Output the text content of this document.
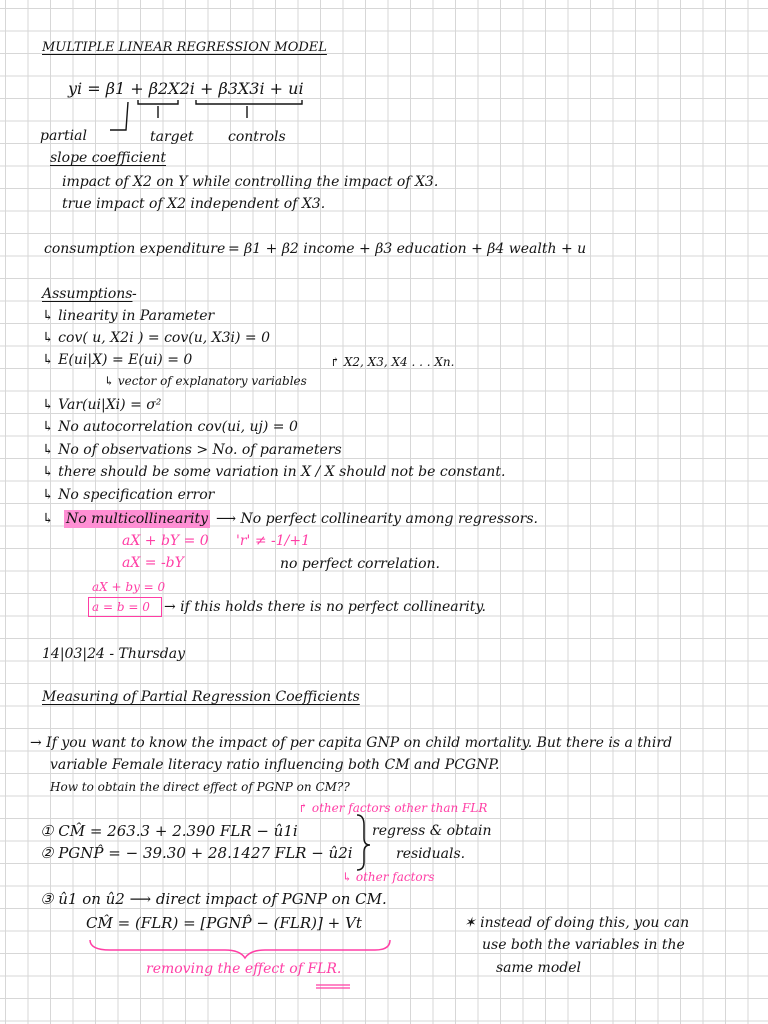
MULTIPLE LINEAR REGRESSION MODEL
yi = β1 + β2X2i + β3X3i + ui
target controls
partial
slope coefficient
impact of X2 on Y while controlling the impact of X3.
true impact of X2 independent of X3.
consumption expenditure = β1 + β2 income + β3 education + β4 wealth + u
Assumptions -
↳ linearity in Parameter
↳ cov( u, X2i ) = cov(u, X3i) = 0
↳ E(ui|X) = E(ui) = 0	↱ X2, X3, X4 . . . Xn.
↳ vector of explanatory variables
↳ Var(ui|Xi) = σ²
↳ No autocorrelation cov(ui, uj) = 0
↳ No of observations > No. of parameters
↳ there should be some variation in X / X should not be constant.
↳ No specification error
↳ No multicollinearity ⟶ No perfect collinearity among regressors.
aX + bY = 0 'r' ≠ -1/+1
aX = -bY	no perfect correlation.
aX + by = 0
a = b = 0 → if this holds there is no perfect collinearity.
14|03|24 - Thursday
Measuring of Partial Regression Coefficients
→ If you want to know the impact of per capita GNP on child mortality. But there is a third
variable Female literacy ratio influencing both CM and PCGNP.
How to obtain the direct effect of PGNP on CM??
↱ other factors other than FLR
① CM̂ = 263.3 + 2.390 FLR − û1i
② PGNP̂ = − 39.30 + 28.1427 FLR − û2i
regress & obtain
residuals.
↳ other factors
③ û1 on û2 ⟶ direct impact of PGNP on CM.
CM̂ = (FLR) = [PGNP̂ − (FLR)] + Vt
removing the effect of FLR.
✶ instead of doing this, you can
use both the variables in the
same model
